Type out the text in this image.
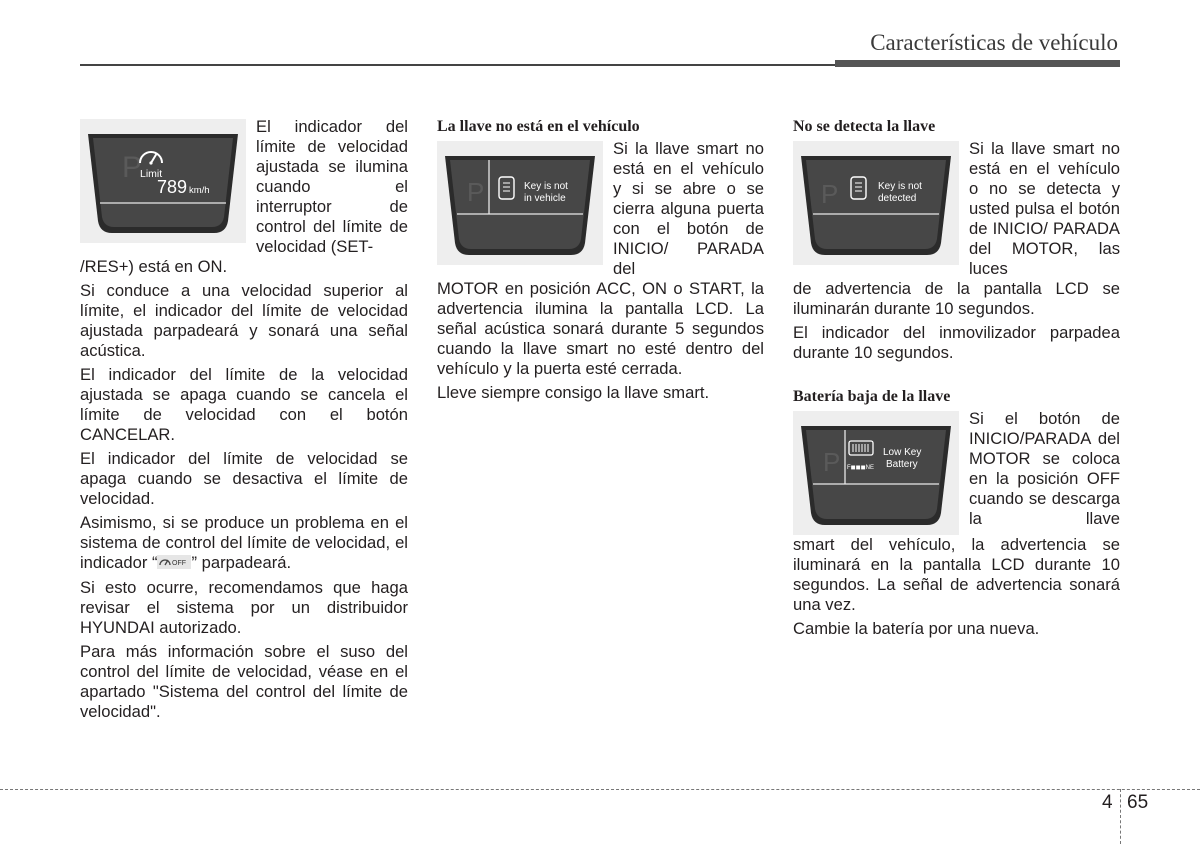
Características de vehículo
P
Limit
789 km/h

El indicador del límite de velocidad ajustada se ilumina cuando el interruptor de control del límite de velocidad (SET-

/RES+) está en ON.

Si conduce a una velocidad superior al límite, el indicador del límite de velocidad ajustada parpadeará y sonará una señal acústica.

El indicador del límite de la velocidad ajustada se apaga cuando se cancela el límite de velocidad con el botón CANCELAR.

El indicador del límite de velocidad se apaga cuando se desactiva el límite de velocidad.

Asimismo, si se produce un problema en el sistema de control del límite de velocidad, el indicador “ OFF ” parpadeará.

Si esto ocurre, recomendamos que haga revisar el sistema por un distribuidor HYUNDAI autorizado.

Para más información sobre el suso del control del límite de velocidad, véase en el apartado "Sistema del control del límite de velocidad".

La llave no está en el vehículo
P	Key is not
in vehicle

Si la llave smart no está en el vehículo y si se abre o se cierra alguna puerta con el botón de INICIO/ PARADA del

MOTOR en posición ACC, ON o START, la advertencia ilumina la pantalla LCD. La señal acústica sonará durante 5 segundos cuando la llave smart no esté dentro del vehículo y la puerta esté cerrada.

Lleve siempre consigo la llave smart.

No se detecta la llave
P	Key is not
detected

Si la llave smart no está en el vehículo o no se detecta y usted pulsa el botón de INICIO/ PARADA del MOTOR, las luces

de advertencia de la pantalla LCD se iluminarán durante 10 segundos.

El indicador del inmovilizador parpadea durante 10 segundos.

Batería baja de la llave
P F◼◼◼NE
Low Key
Battery

Si el botón de INICIO/PARADA del MOTOR se coloca en la posición OFF cuando se descarga la llave

smart del vehículo, la advertencia se iluminará en la pantalla LCD durante 10 segundos. La señal de advertencia sonará una vez.

Cambie la batería por una nueva.

4 65
